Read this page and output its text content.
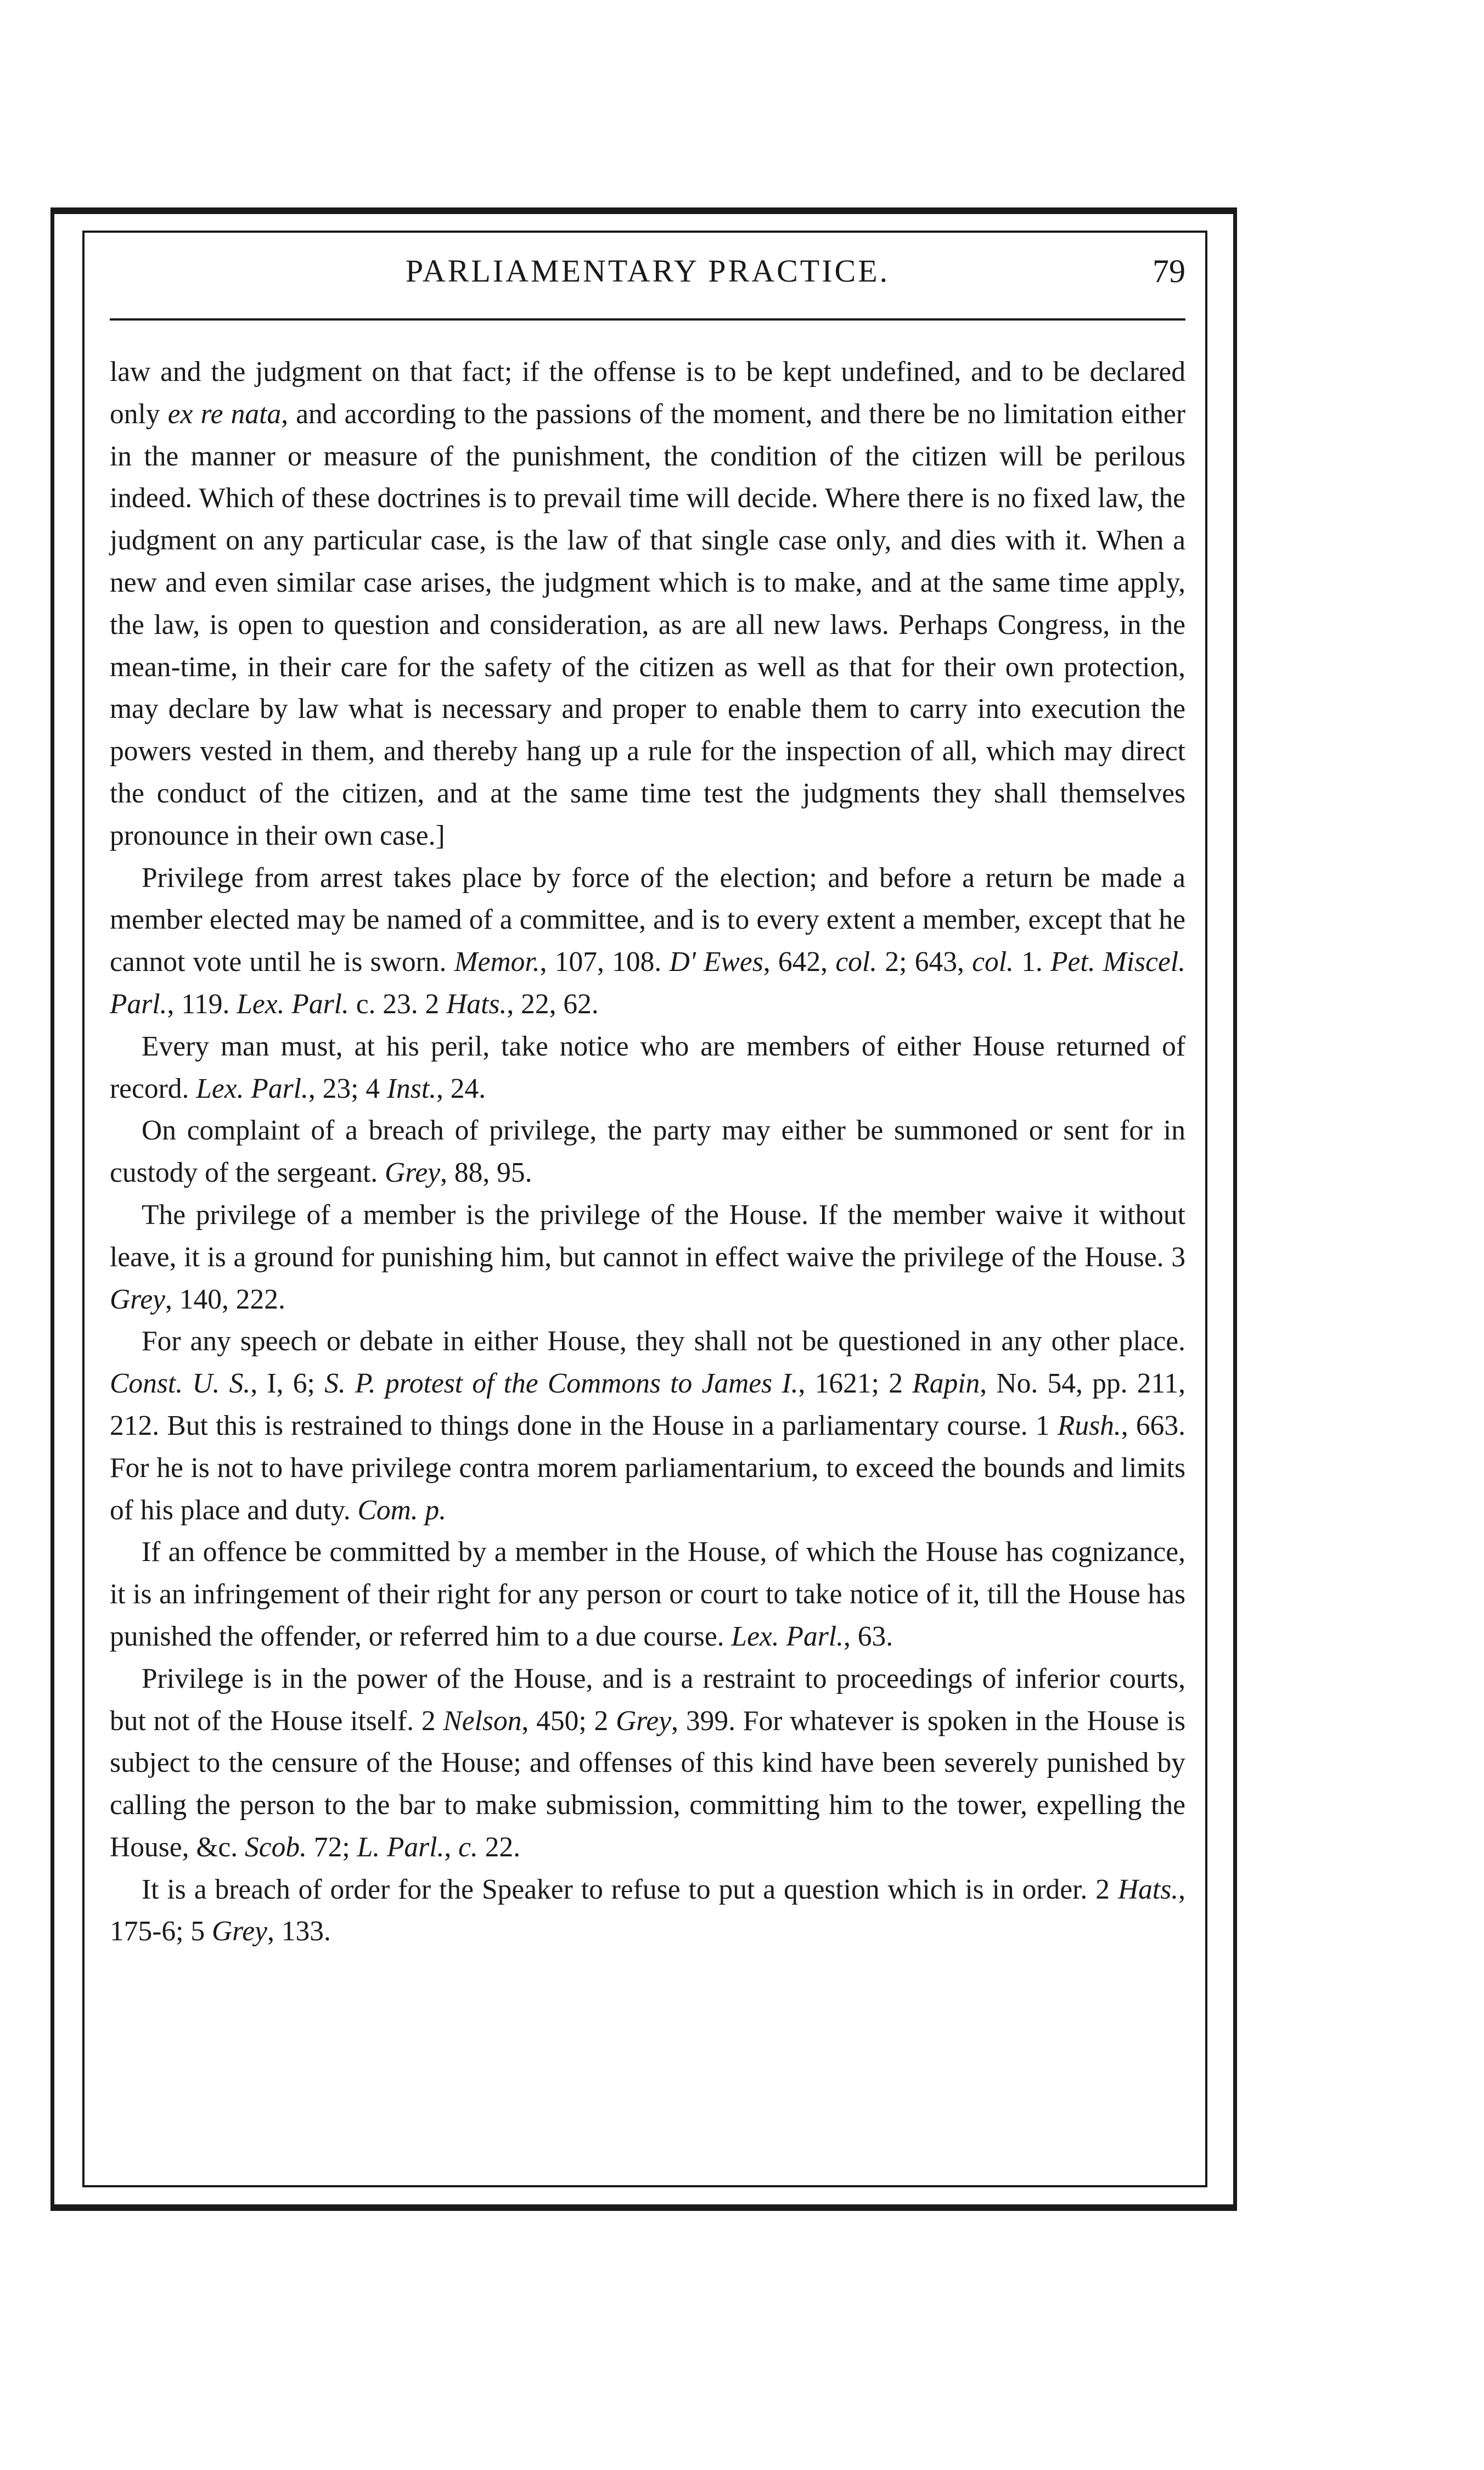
PARLIAMENTARY PRACTICE.	79

law and the judgment on that fact; if the offense is to be kept undefined, and to be declared only ex re nata, and according to the passions of the moment, and there be no limitation either in the manner or measure of the punishment, the condition of the citizen will be perilous indeed. Which of these doctrines is to prevail time will decide. Where there is no fixed law, the judgment on any particular case, is the law of that single case only, and dies with it. When a new and even similar case arises, the judgment which is to make, and at the same time apply, the law, is open to question and consideration, as are all new laws. Perhaps Congress, in the mean-time, in their care for the safety of the citizen as well as that for their own protection, may declare by law what is necessary and proper to enable them to carry into execution the powers vested in them, and thereby hang up a rule for the inspection of all, which may direct the conduct of the citizen, and at the same time test the judgments they shall themselves pronounce in their own case.]

Privilege from arrest takes place by force of the election; and before a return be made a member elected may be named of a committee, and is to every extent a member, except that he cannot vote until he is sworn. Memor., 107, 108. D' Ewes, 642, col. 2; 643, col. 1. Pet. Miscel. Parl., 119. Lex. Parl. c. 23. 2 Hats., 22, 62.

Every man must, at his peril, take notice who are members of either House returned of record. Lex. Parl., 23; 4 Inst., 24.

On complaint of a breach of privilege, the party may either be summoned or sent for in custody of the sergeant. Grey, 88, 95.

The privilege of a member is the privilege of the House. If the member waive it without leave, it is a ground for punishing him, but cannot in effect waive the privilege of the House. 3 Grey, 140, 222.

For any speech or debate in either House, they shall not be questioned in any other place. Const. U. S., I, 6; S. P. protest of the Commons to James I., 1621; 2 Rapin, No. 54, pp. 211, 212. But this is restrained to things done in the House in a parliamentary course. 1 Rush., 663. For he is not to have privilege contra morem parliamentarium, to exceed the bounds and limits of his place and duty. Com. p.

If an offence be committed by a member in the House, of which the House has cognizance, it is an infringement of their right for any person or court to take notice of it, till the House has punished the offender, or referred him to a due course. Lex. Parl., 63.

Privilege is in the power of the House, and is a restraint to proceedings of inferior courts, but not of the House itself. 2 Nelson, 450; 2 Grey, 399. For whatever is spoken in the House is subject to the censure of the House; and offenses of this kind have been severely punished by calling the person to the bar to make submission, committing him to the tower, expelling the House, &c. Scob. 72; L. Parl., c. 22.

It is a breach of order for the Speaker to refuse to put a question which is in order. 2 Hats., 175-6; 5 Grey, 133.
